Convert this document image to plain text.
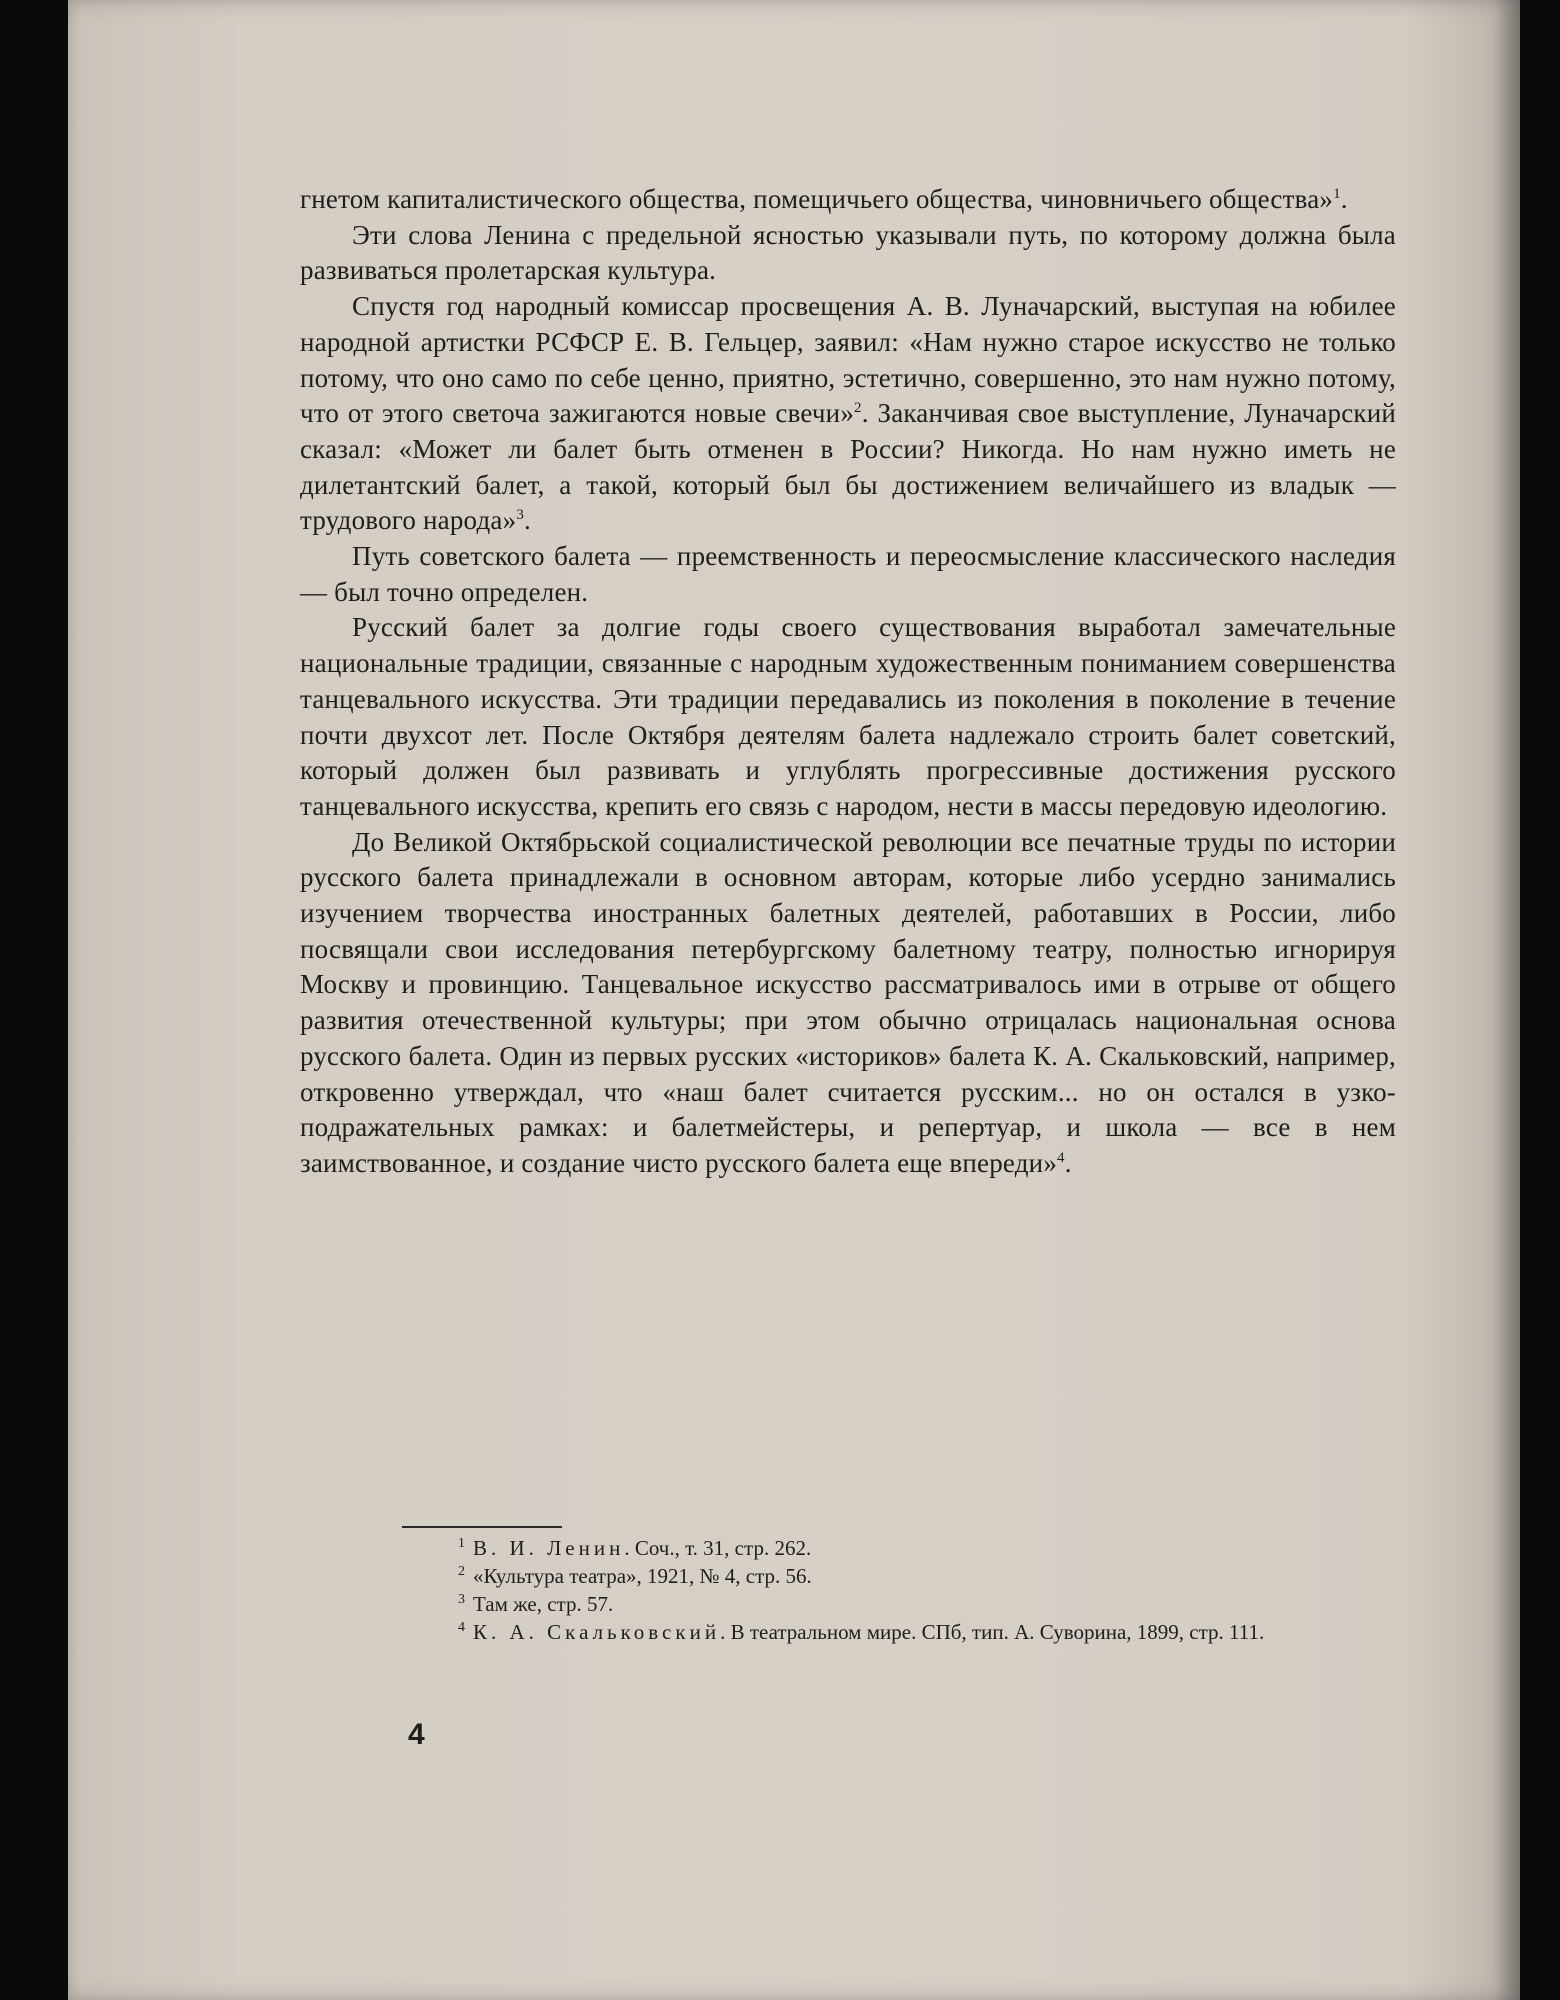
гнетом капиталистического общества, помещичьего общества, чиновничьего общества»$^1$.

Эти слова Ленина с предельной ясностью указывали путь, по которому должна была развиваться пролетарская культура.

Спустя год народный комиссар просвещения А. В. Луначарский, выступая на юбилее народной артистки РСФСР Е. В. Гельцер, заявил: «Нам нужно старое искусство не только потому, что оно само по себе ценно, приятно, эстетично, совершенно, это нам нужно потому, что от этого светоча зажигаются новые свечи»$^2$. Заканчивая свое выступление, Луначарский сказал: «Может ли балет быть отменен в России? Никогда. Но нам нужно иметь не дилетантский балет, а такой, который был бы достижением величайшего из владык — трудового народа»$^3$.

Путь советского балета — преемственность и переосмысление классического наследия — был точно определен.

Русский балет за долгие годы своего существования выработал замечательные национальные традиции, связанные с народным художественным пониманием совершенства танцевального искусства. Эти традиции передавались из поколения в поколение в течение почти двухсот лет. После Октября деятелям балета надлежало строить балет советский, который должен был развивать и углублять прогрессивные достижения русского танцевального искусства, крепить его связь с народом, нести в массы передовую идеологию.

До Великой Октябрьской социалистической революции все печатные труды по истории русского балета принадлежали в основном авторам, которые либо усердно занимались изучением творчества иностранных балетных деятелей, работавших в России, либо посвящали свои исследования петербургскому балетному театру, полностью игнорируя Москву и провинцию. Танцевальное искусство рассматривалось ими в отрыве от общего развития отечественной культуры; при этом обычно отрицалась национальная основа русского балета. Один из первых русских «историков» балета К. А. Скальковский, например, откровенно утверждал, что «наш балет считается русским... но он остался в узко-подражательных рамках: и балетмейстеры, и репертуар, и школа — все в нем заимствованное, и создание чисто русского балета еще впереди»$^4$.

$^1$ В. И. Ленин. Соч., т. 31, стр. 262.

$^2$ «Культура театра», 1921, № 4, стр. 56.

$^3$ Там же, стр. 57.

$^4$ К. А. Скальковский. В театральном мире. СПб, тип. А. Суворина, 1899, стр. 111.

4
